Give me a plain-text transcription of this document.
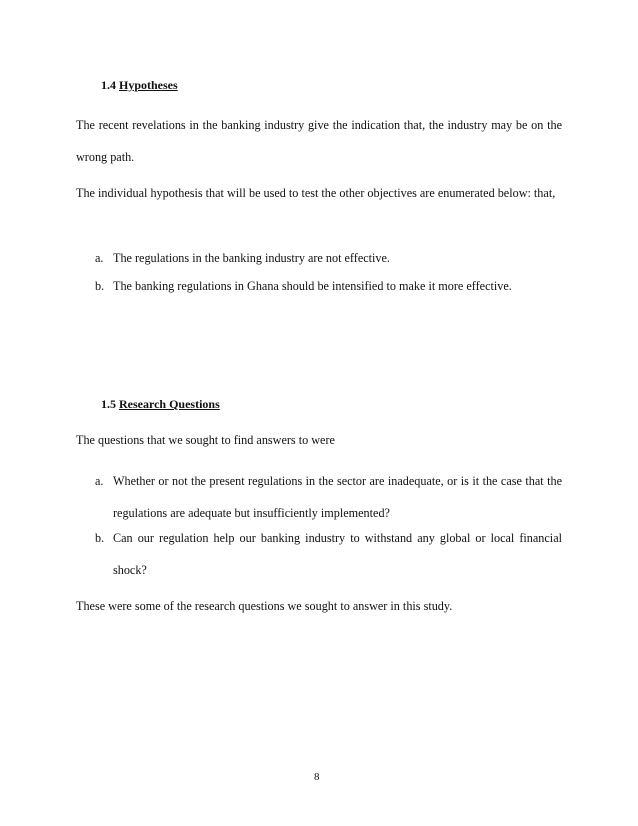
1.4 Hypotheses

The recent revelations in the banking industry give the indication that, the industry may be on the wrong path.

The individual hypothesis that will be used to test the other objectives are enumerated below: that,

a. The regulations in the banking industry are not effective.
b. The banking regulations in Ghana should be intensified to make it more effective.
1.5 Research Questions

The questions that we sought to find answers to were

a. Whether or not the present regulations in the sector are inadequate, or is it the case that the regulations are adequate but insufficiently implemented?
b. Can our regulation help our banking industry to withstand any global or local financial shock?

These were some of the research questions we sought to answer in this study.

8
